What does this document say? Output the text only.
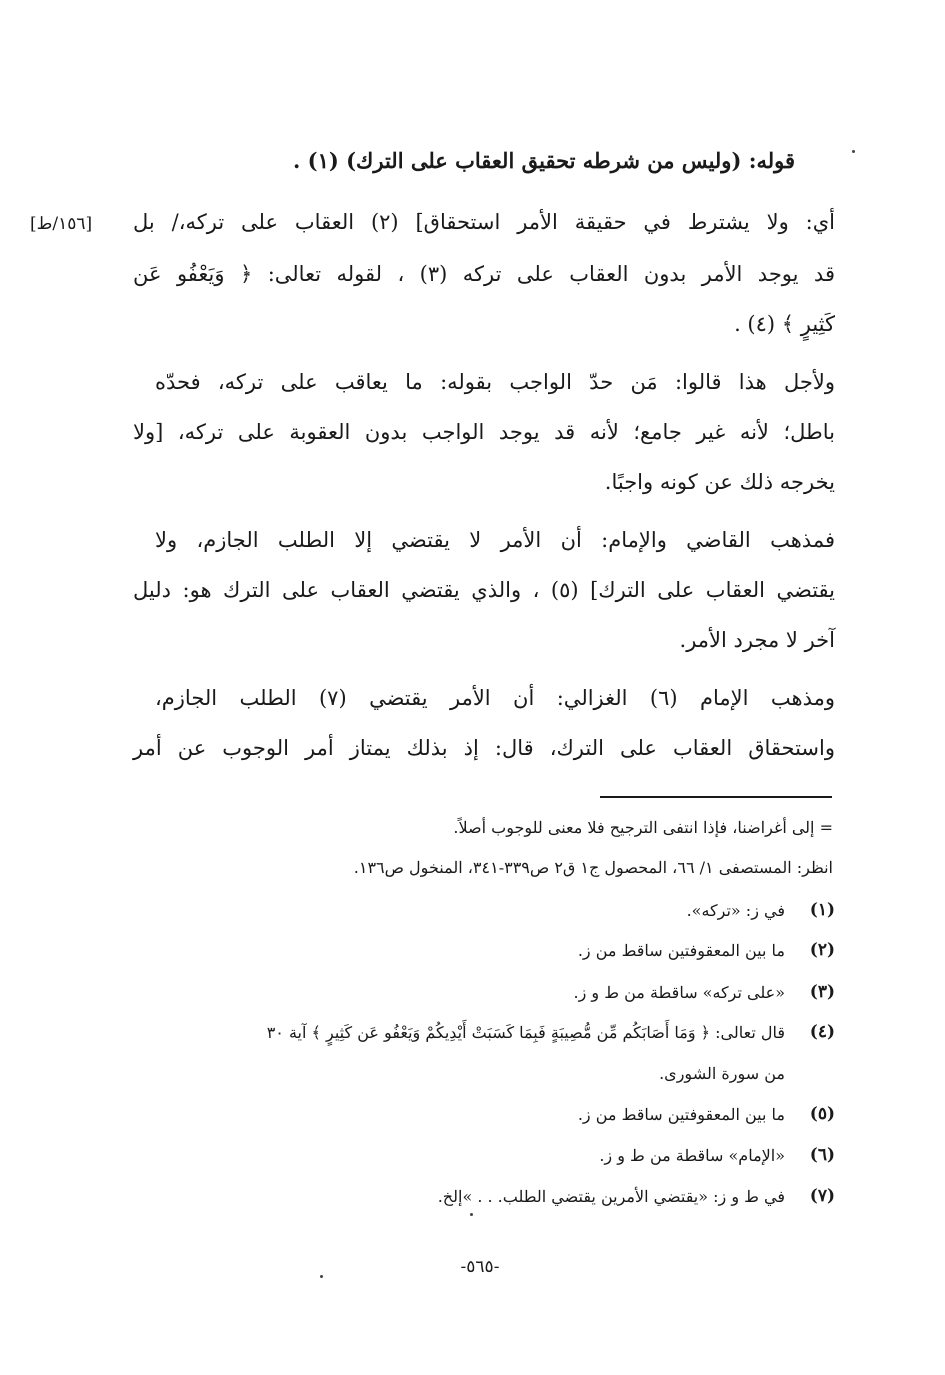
قوله: (وليس من شرطه تحقيق العقاب على الترك) (١) .
[١٥٦/ط] أي: ولا يشترط في حقيقة الأمر استحقاق] (٢) العقاب على تركه،/ بل
قد يوجد الأمر بدون العقاب على تركه (٣) ، لقوله تعالى: ﴿ وَيَعْفُو عَن
كَثِيرٍ ﴾ (٤) .
ولأجل هذا قالوا: مَن حدّ الواجب بقوله: ما يعاقب على تركه، فحدّه
باطل؛ لأنه غير جامع؛ لأنه قد يوجد الواجب بدون العقوبة على تركه، [ولا
يخرجه ذلك عن كونه واجبًا.
فمذهب القاضي والإمام: أن الأمر لا يقتضي إلا الطلب الجازم، ولا
يقتضي العقاب على الترك] (٥) ، والذي يقتضي العقاب على الترك هو: دليل
آخر لا مجرد الأمر.
ومذهب الإمام (٦) الغزالي: أن الأمر يقتضي (٧) الطلب الجازم،
واستحقاق العقاب على الترك، قال: إذ بذلك يمتاز أمر الوجوب عن أمر
= إلى أغراضنا، فإذا انتفى الترجيح فلا معنى للوجوب أصلاً.
انظر: المستصفى ١/ ٦٦، المحصول ج١ ق٢ ص٣٣٩-٣٤١، المنخول ص١٣٦.
(١)
في ز: «تركه».
(٢)
ما بين المعقوفتين ساقط من ز.
(٣)
«على تركه» ساقطة من ط و ز.
(٤)
قال تعالى: ﴿ وَمَا أَصَابَكُم مِّن مُّصِيبَةٍ فَبِمَا كَسَبَتْ أَيْدِيكُمْ وَيَعْفُو عَن كَثِيرٍ ﴾ آية ٣٠
من سورة الشورى.
(٥)
ما بين المعقوفتين ساقط من ز.
(٦)
«الإمام» ساقطة من ط و ز.
(٧)
في ط و ز: «يقتضي الأمرين يقتضي الطلب. . . »إلخ.
-٥٦٥-
